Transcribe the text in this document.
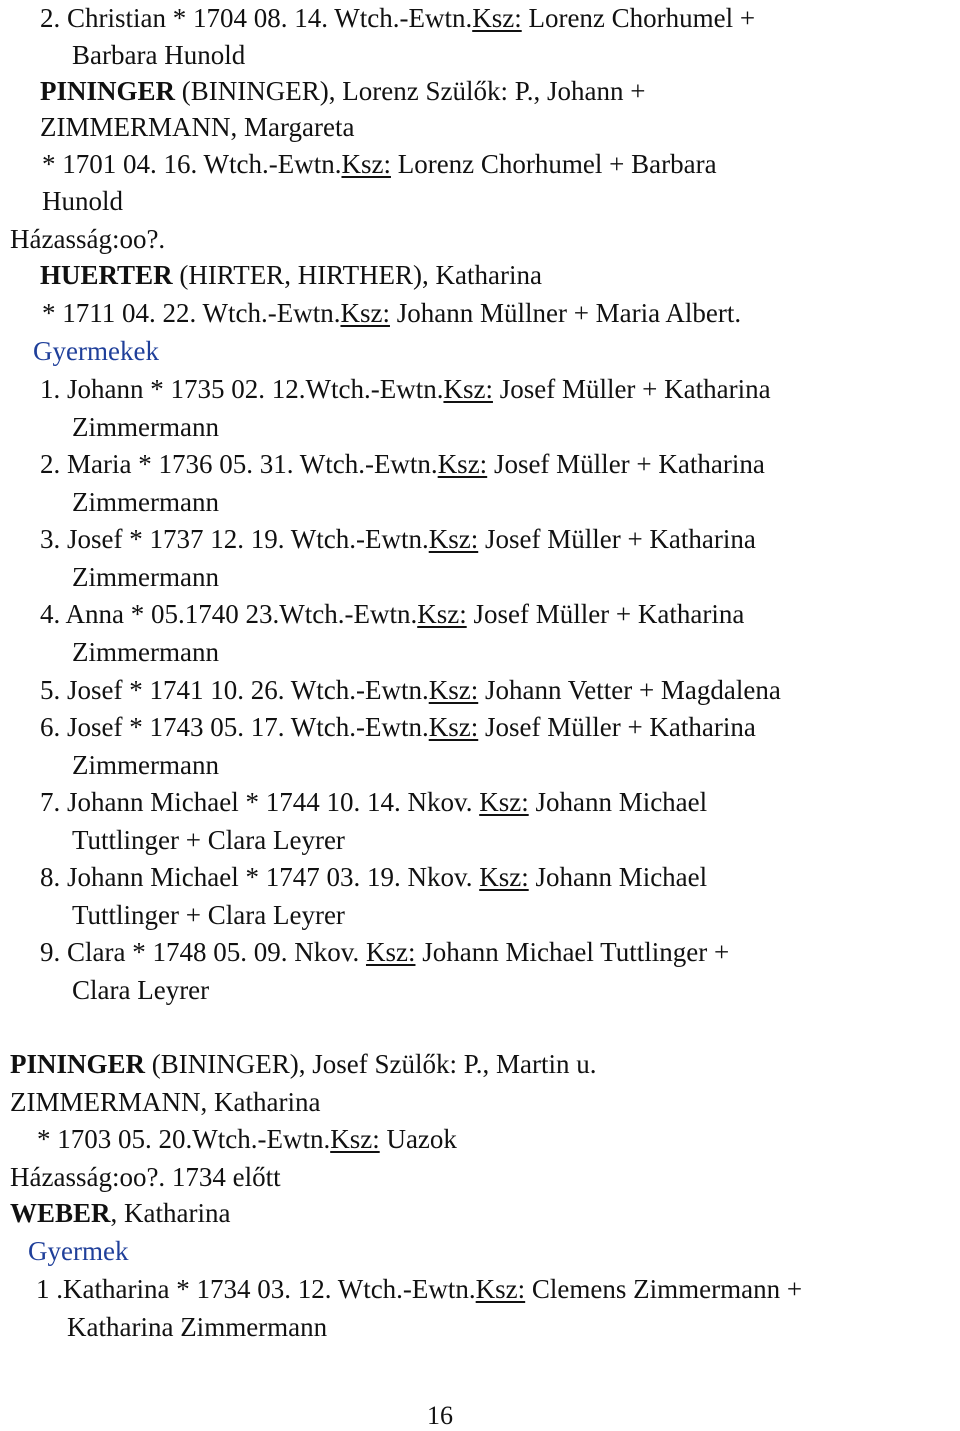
2. Christian * 1704 08. 14. Wtch.-Ewtn.Ksz: Lorenz Chorhumel +
Barbara Hunold
PININGER (BININGER), Lorenz Szülők: P., Johann +
ZIMMERMANN, Margareta
* 1701 04. 16. Wtch.-Ewtn.Ksz: Lorenz Chorhumel + Barbara
Hunold
Házasság:oo?.
HUERTER (HIRTER, HIRTHER), Katharina
* 1711 04. 22. Wtch.-Ewtn.Ksz: Johann Müllner + Maria Albert.
Gyermekek
1. Johann * 1735 02. 12.Wtch.-Ewtn.Ksz: Josef Müller + Katharina
Zimmermann
2. Maria * 1736 05. 31. Wtch.-Ewtn.Ksz: Josef Müller + Katharina
Zimmermann
3. Josef * 1737 12. 19. Wtch.-Ewtn.Ksz: Josef Müller + Katharina
Zimmermann
4. Anna * 05.1740 23.Wtch.-Ewtn.Ksz: Josef Müller + Katharina
Zimmermann
5. Josef * 1741 10. 26. Wtch.-Ewtn.Ksz: Johann Vetter + Magdalena
6. Josef * 1743 05. 17. Wtch.-Ewtn.Ksz: Josef Müller + Katharina
Zimmermann
7. Johann Michael * 1744 10. 14. Nkov. Ksz: Johann Michael
Tuttlinger + Clara Leyrer
8. Johann Michael * 1747 03. 19. Nkov. Ksz: Johann Michael
Tuttlinger + Clara Leyrer
9. Clara * 1748 05. 09. Nkov. Ksz: Johann Michael Tuttlinger +
Clara Leyrer
PININGER (BININGER), Josef Szülők: P., Martin u.
ZIMMERMANN, Katharina
* 1703 05. 20.Wtch.-Ewtn.Ksz: Uazok
Házasság:oo?. 1734 előtt
WEBER, Katharina
Gyermek
1 .Katharina * 1734 03. 12. Wtch.-Ewtn.Ksz: Clemens Zimmermann +
Katharina Zimmermann
16
